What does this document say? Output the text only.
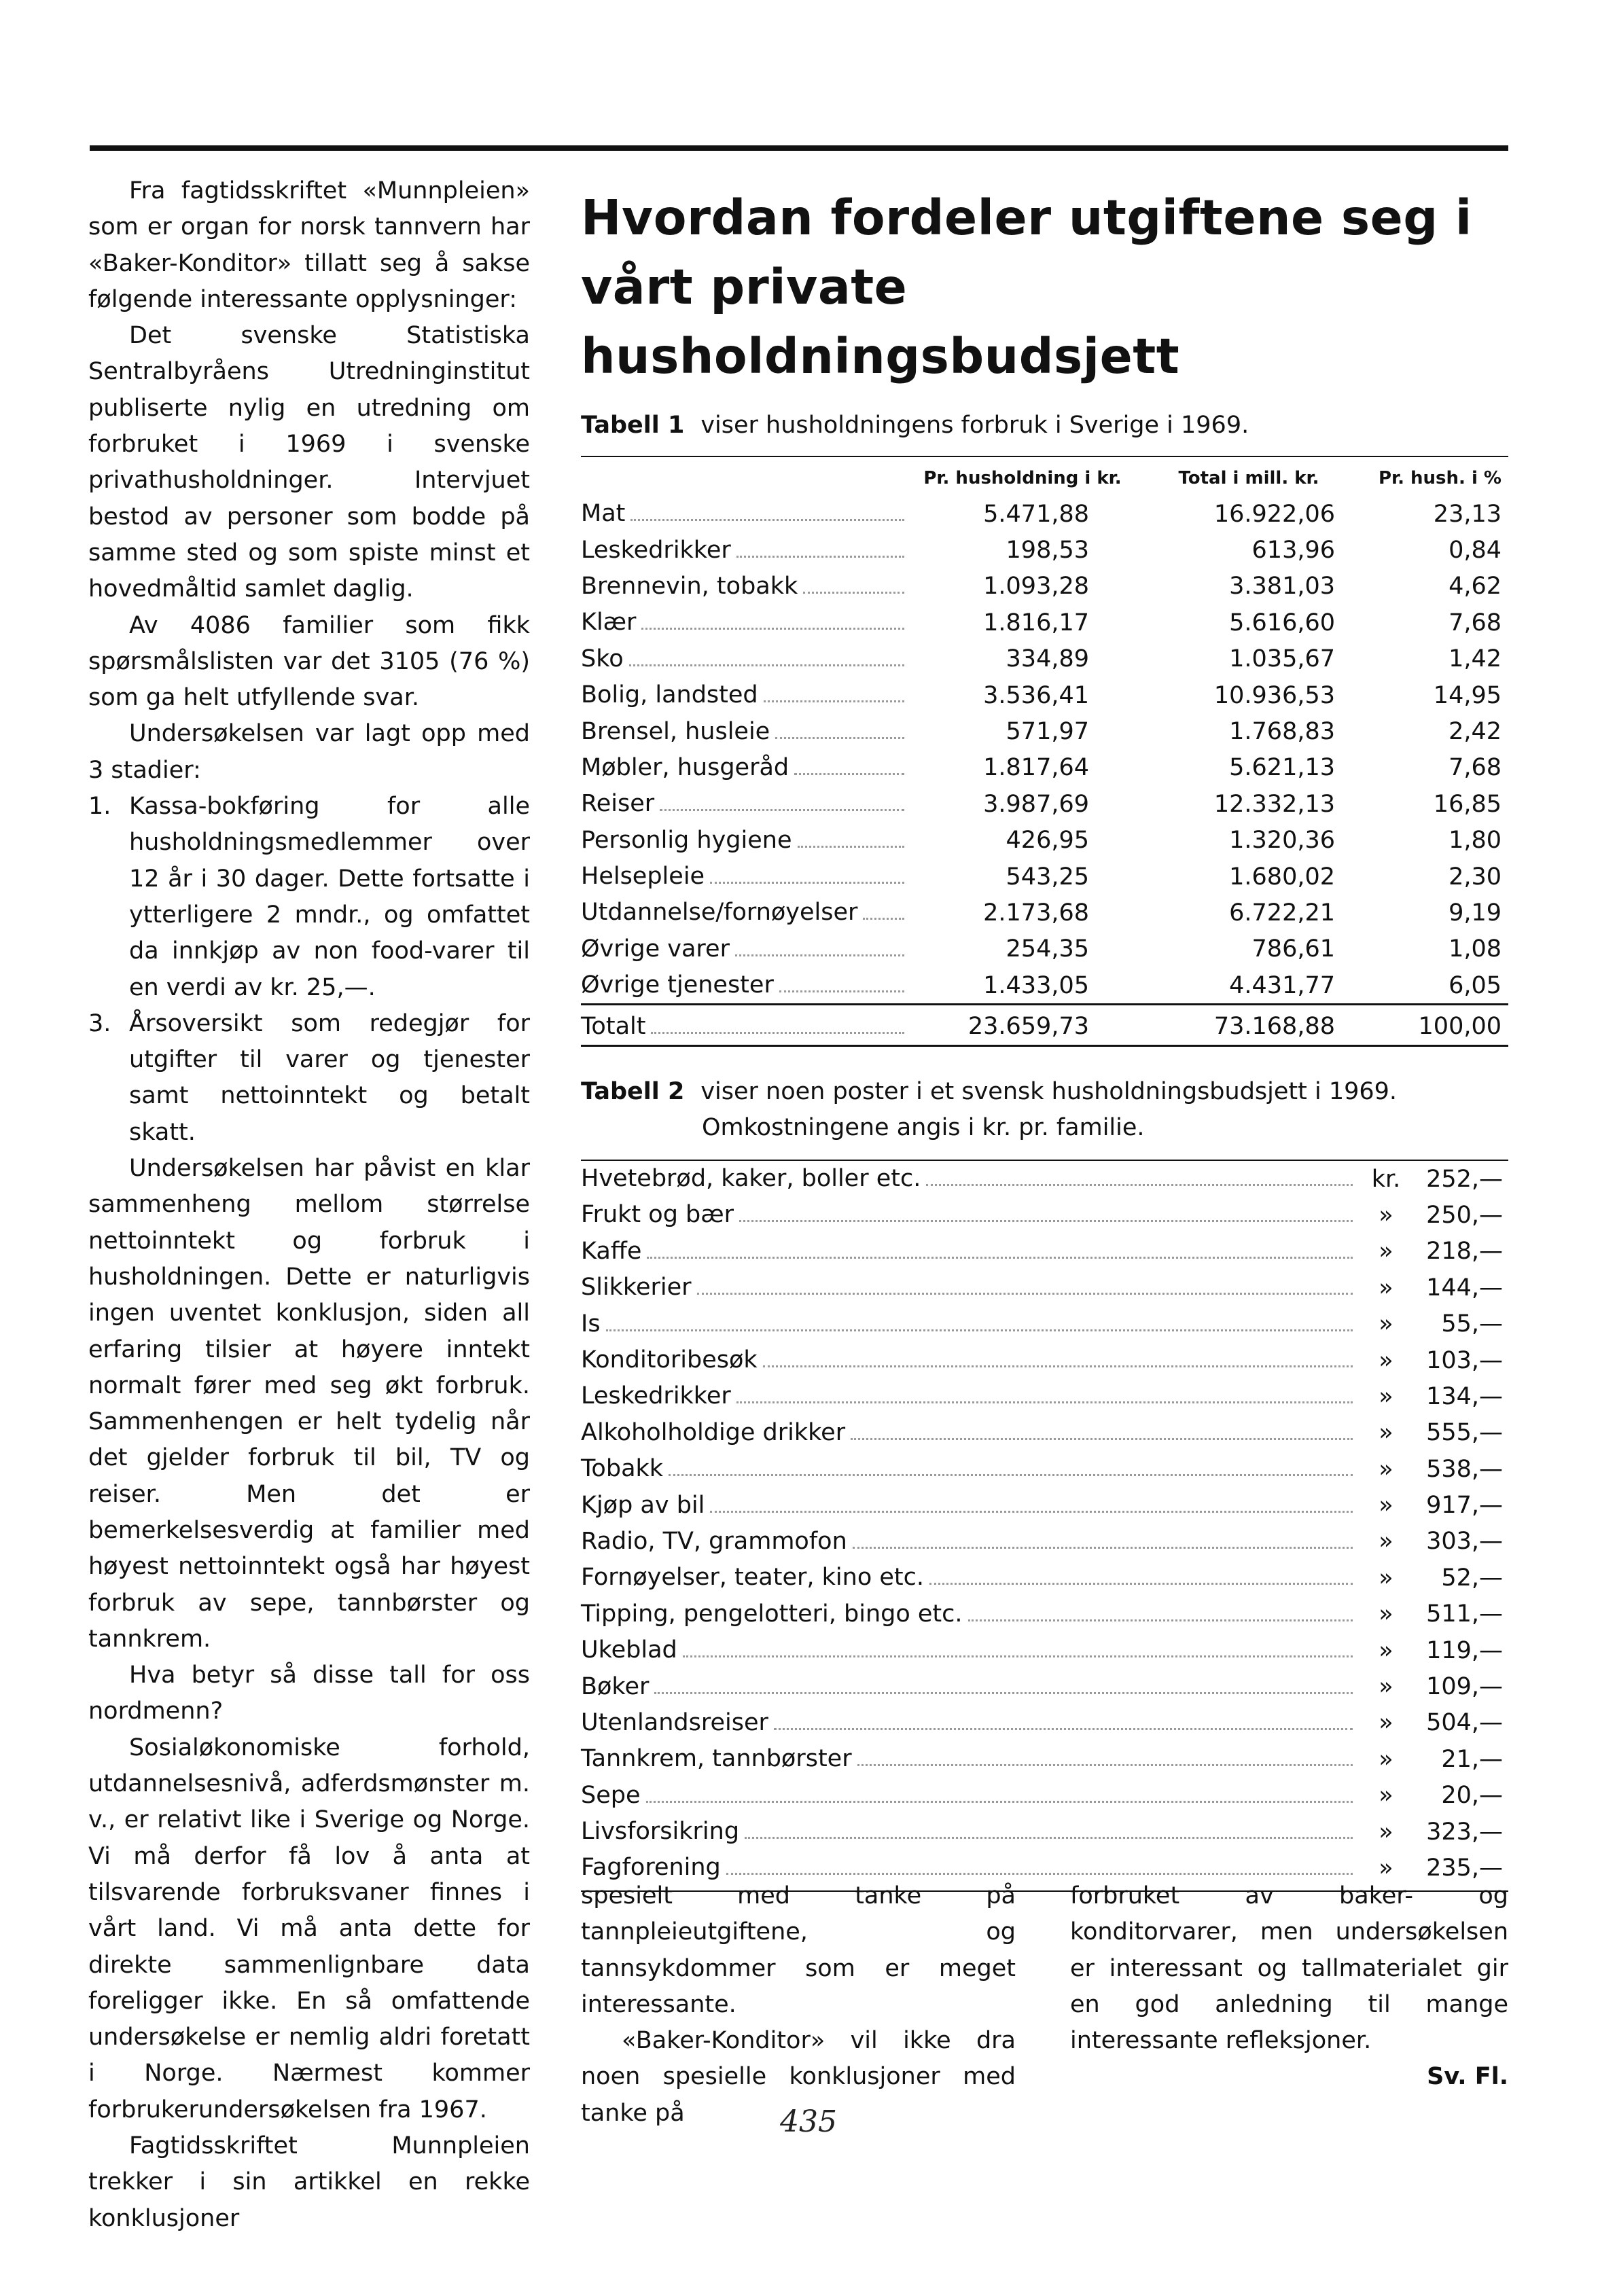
Fra fagtidsskriftet «Munnpleien» som er organ for norsk tannvern har «Baker-Konditor» tillatt seg å sakse følgende interessante opplysninger:

Det svenske Statistiska Sentralbyråens Utredninginstitut publiserte nylig en utredning om forbruket i 1969 i svenske privathusholdninger. Intervjuet bestod av personer som bodde på samme sted og som spiste minst et hovedmåltid samlet daglig.

Av 4086 familier som fikk spørsmålslisten var det 3105 (76 %) som ga helt utfyllende svar.

Undersøkelsen var lagt opp med 3 stadier:

1. Kassa-bokføring for alle husholdningsmedlemmer over 12 år i 30 dager. Dette fortsatte i ytterligere 2 mndr., og omfattet da innkjøp av non food-varer til en verdi av kr. 25,—.
3. Årsoversikt som redegjør for utgifter til varer og tjenester samt nettoinntekt og betalt skatt.

Undersøkelsen har påvist en klar sammenheng mellom størrelse nettoinntekt og forbruk i husholdningen. Dette er naturligvis ingen uventet konklusjon, siden all erfaring tilsier at høyere inntekt normalt fører med seg økt forbruk. Sammenhengen er helt tydelig når det gjelder forbruk til bil, TV og reiser. Men det er bemerkelsesverdig at familier med høyest nettoinntekt også har høyest forbruk av sepe, tannbørster og tannkrem.

Hva betyr så disse tall for oss nordmenn?

Sosialøkonomiske forhold, utdannelsesnivå, adferdsmønster m. v., er relativt like i Sverige og Norge. Vi må derfor få lov å anta at tilsvarende forbruksvaner finnes i vårt land. Vi må anta dette for direkte sammenlignbare data foreligger ikke. En så omfattende undersøkelse er nemlig aldri foretatt i Norge. Nærmest kommer forbrukerundersøkelsen fra 1967.

Fagtidsskriftet Munnpleien trekker i sin artikkel en rekke konklusjoner

Hvordan fordeler utgiftene seg i vårt private husholdningsbudsjett
Tabell 1 viser husholdningens forbruk i Sverige i 1969.
	Pr. husholdning i kr.	Total i mill. kr.	Pr. hush. i %

Mat	5.471,88	16.922,06	23,13

Leskedrikker	198,53	613,96	0,84

Brennevin, tobakk	1.093,28	3.381,03	4,62

Klær	1.816,17	5.616,60	7,68

Sko	334,89	1.035,67	1,42

Bolig, landsted	3.536,41	10.936,53	14,95

Brensel, husleie	571,97	1.768,83	2,42

Møbler, husgeråd	1.817,64	5.621,13	7,68

Reiser	3.987,69	12.332,13	16,85

Personlig hygiene	426,95	1.320,36	1,80

Helsepleie	543,25	1.680,02	2,30

Utdannelse/fornøyelser	2.173,68	6.722,21	9,19

Øvrige varer	254,35	786,61	1,08

Øvrige tjenester	1.433,05	4.431,77	6,05
Totalt	23.659,73	73.168,88	100,00
Tabell 2 viser noen poster i et svensk husholdningsbudsjett i 1969.
Omkostningene angis i kr. pr. familie.
Hvetebrød, kaker, boller etc.	kr.	252,—

Frukt og bær	»	250,—

Kaffe	»	218,—

Slikkerier	»	144,—

Is	»	55,—

Konditoribesøk	»	103,—

Leskedrikker	»	134,—

Alkoholholdige drikker	»	555,—

Tobakk	»	538,—

Kjøp av bil	»	917,—

Radio, TV, grammofon	»	303,—

Fornøyelser, teater, kino etc.	»	52,—

Tipping, pengelotteri, bingo etc.	»	511,—

Ukeblad	»	119,—

Bøker	»	109,—

Utenlandsreiser	»	504,—

Tannkrem, tannbørster	»	21,—

Sepe	»	20,—

Livsforsikring	»	323,—

Fagforening	»	235,—

spesielt med tanke på tannpleieutgiftene, og tannsykdommer som er meget interessante.

«Baker-Konditor» vil ikke dra noen spesielle konklusjoner med tanke på

forbruket av baker- og konditorvarer, men undersøkelsen er interessant og tallmaterialet gir en god anledning til mange interessante refleksjoner.

Sv. Fl.
435
